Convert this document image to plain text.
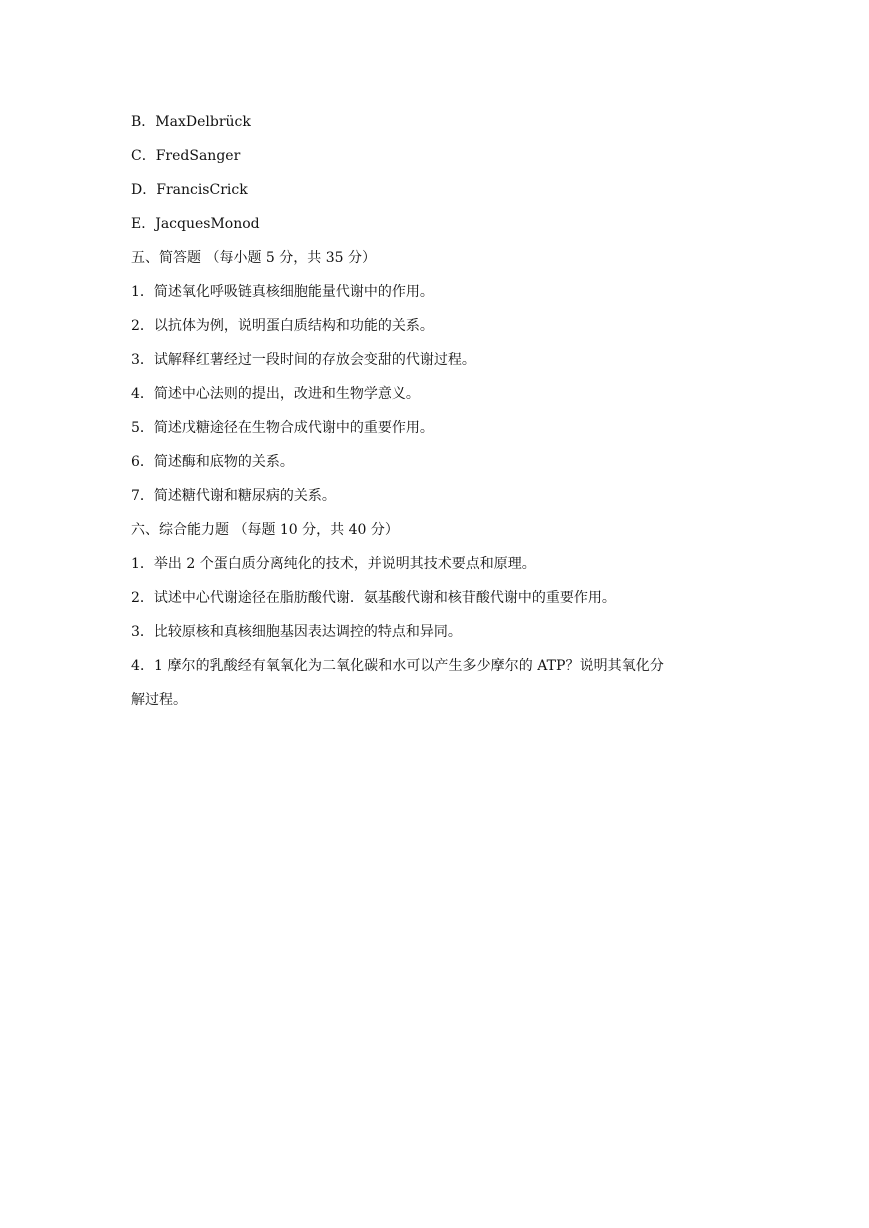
B．MaxDelbrück
C．FredSanger
D．FrancisCrick
E．JacquesMonod
五、简答题 （每小题 5 分，共 35 分）
1．简述氧化呼吸链真核细胞能量代谢中的作用。
2．以抗体为例，说明蛋白质结构和功能的关系。
3．试解释红薯经过一段时间的存放会变甜的代谢过程。
4．简述中心法则的提出，改进和生物学意义。
5．简述戊糖途径在生物合成代谢中的重要作用。
6．简述酶和底物的关系。
7．简述糖代谢和糖尿病的关系。
六、综合能力题 （每题 10 分，共 40 分）
1．举出 2 个蛋白质分离纯化的技术，并说明其技术要点和原理。
2．试述中心代谢途径在脂肪酸代谢．氨基酸代谢和核苷酸代谢中的重要作用。
3．比较原核和真核细胞基因表达调控的特点和异同。
4．1 摩尔的乳酸经有氧氧化为二氧化碳和水可以产生多少摩尔的 ATP？说明其氧化分
解过程。
